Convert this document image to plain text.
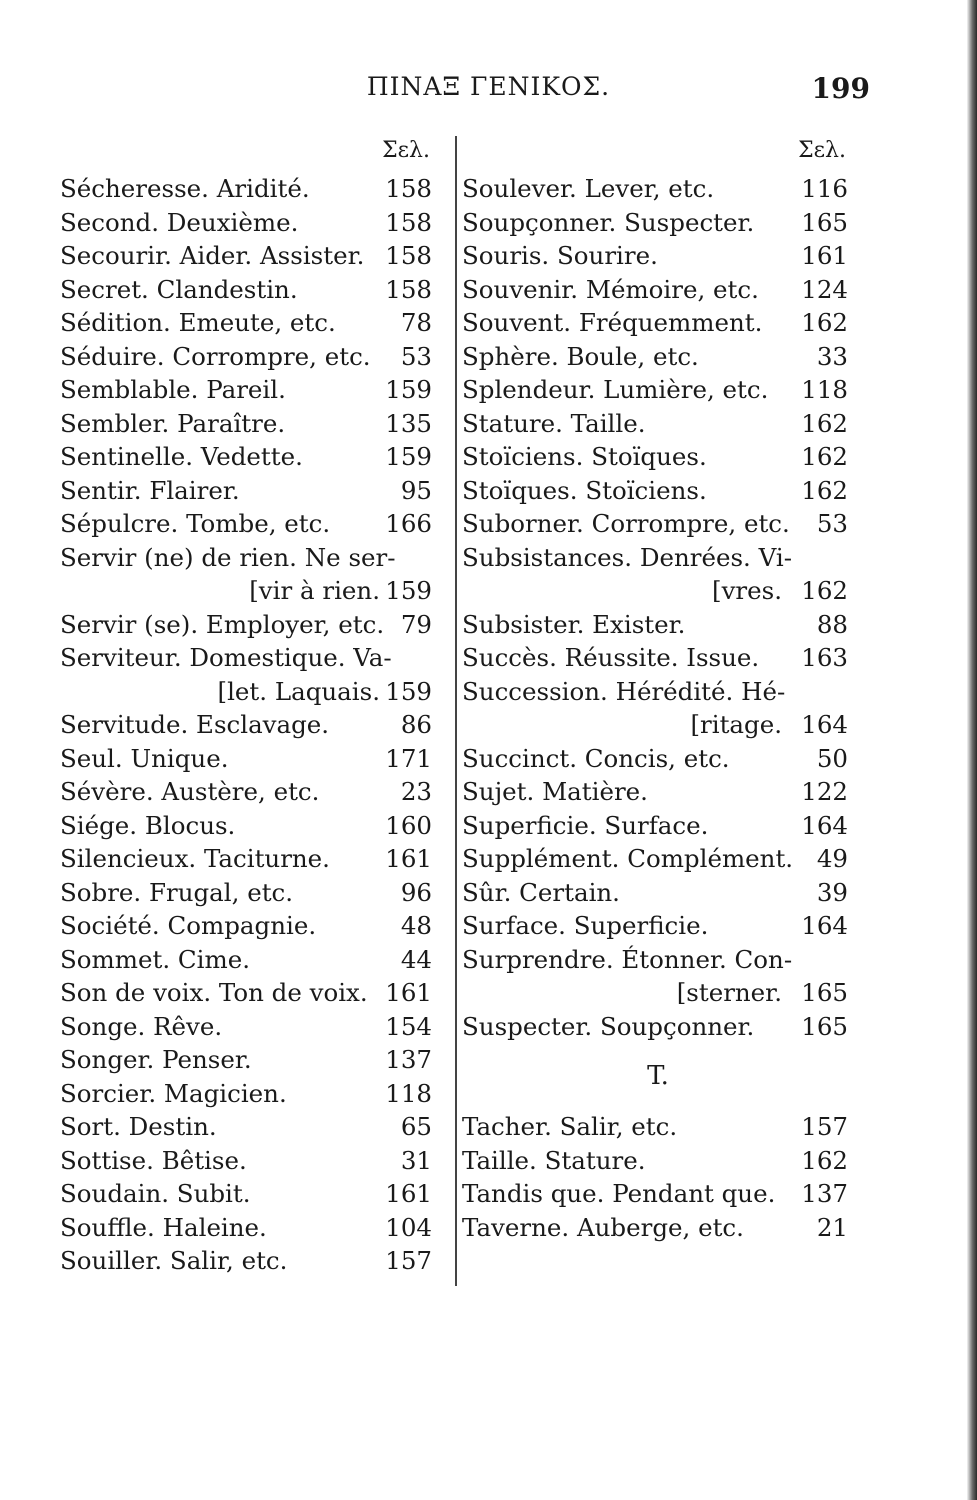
ΠΙΝΑΞ ΓΕΝΙΚΟΣ.	199
Σελ.
Sécheresse. Aridité.	158
Second. Deuxième.	158
Secourir. Aider. Assister. 158
Secret. Clandestin.	158
Sédition. Emeute, etc.	78
Séduire. Corrompre, etc. 53
Semblable. Pareil.	159
Sembler. Paraître.	135
Sentinelle. Vedette.	159
Sentir. Flairer.	95
Sépulcre. Tombe, etc. 166
Servir (ne) de rien. Ne ser-
[vir à rien. 159
Servir (se). Employer, etc. 79
Serviteur. Domestique. Va-
[let. Laquais. 159
Servitude. Esclavage.	86
Seul. Unique.	171
Sévère. Austère, etc.	23
Siége. Blocus.	160
Silencieux. Taciturne. 161
Sobre. Frugal, etc.	96
Société. Compagnie.	48
Sommet. Cime.	44
Son de voix. Ton de voix. 161
Songe. Rêve.	154
Songer. Penser.	137
Sorcier. Magicien.	118
Sort. Destin.	65
Sottise. Bêtise.	31
Soudain. Subit.	161
Souffle. Haleine.	104
Souiller. Salir, etc.	157
Σελ.
Soulever. Lever, etc.	116
Soupçonner. Suspecter. 165
Souris. Sourire.	161
Souvenir. Mémoire, etc. 124
Souvent. Fréquemment. 162
Sphère. Boule, etc.	33
Splendeur. Lumière, etc. 118
Stature. Taille.	162
Stoïciens. Stoïques.	162
Stoïques. Stoïciens.	162
Suborner. Corrompre, etc. 53
Subsistances. Denrées. Vi-
[vres. 162
Subsister. Exister.	88
Succès. Réussite. Issue. 163
Succession. Hérédité. Hé-
[ritage. 164
Succinct. Concis, etc.	50
Sujet. Matière.	122
Superficie. Surface.	164
Supplément. Complément. 49
Sûr. Certain.	39
Surface. Superficie.	164
Surprendre. Étonner. Con-
[sterner. 165
Suspecter. Soupçonner. 165
T.
Tacher. Salir, etc.	157
Taille. Stature.	162
Tandis que. Pendant que. 137
Taverne. Auberge, etc.	21
